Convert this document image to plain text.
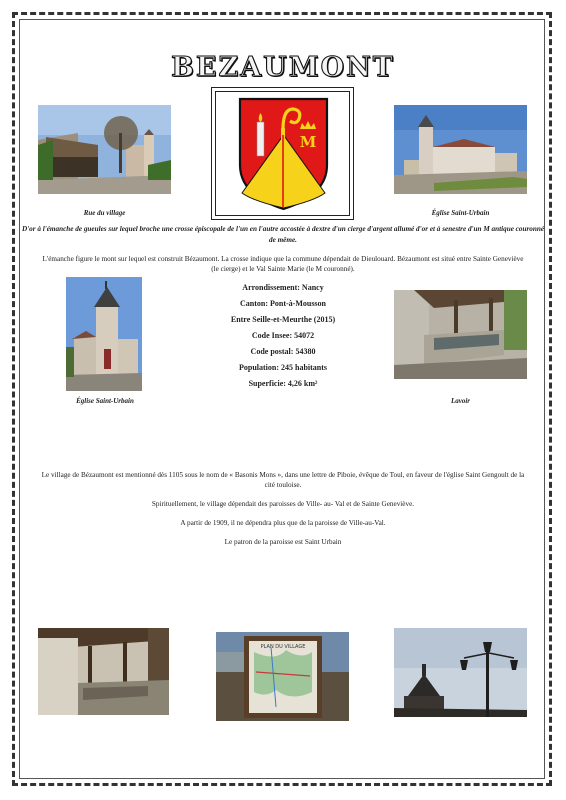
BEZAUMONT
Rue du village
M
Église Saint-Urbain
D'or à l'émanche de gueules sur lequel broche une crosse épiscopale de l'un en l'autre accostée à dextre d'un cierge d'argent allumé d'or et à senestre d'un M antique couronné de même.
L'émanche figure le mont sur lequel est construit Bézaumont. La crosse indique que la commune dépendait de Dieulouard. Bézaumont est situé entre Sainte Geneviève (le cierge) et le Val Sainte Marie (le M couronné).
Église Saint-Urbain
Arrondissement: Nancy
Canton: Pont-à-Mousson
Entre Seille-et-Meurthe (2015)
Code Insee: 54072
Code postal: 54380
Population: 245 habitants
Superficie: 4,26 km²
Lavoir
Le village de Bézaumont est mentionné dès 1105 sous le nom de « Basonis Mons », dans une lettre de Piboie, évêque de Toul, en faveur de l'église Saint Gengoult de la cité touloise.
Spirituellement, le village dépendait des paroisses de Ville- au- Val et de Sainte Geneviève.
A partir de 1909, il ne dépendra plus que de la paroisse de Ville-au-Val.
Le patron de la paroisse est Saint Urbain
PLAN DU VILLAGE
